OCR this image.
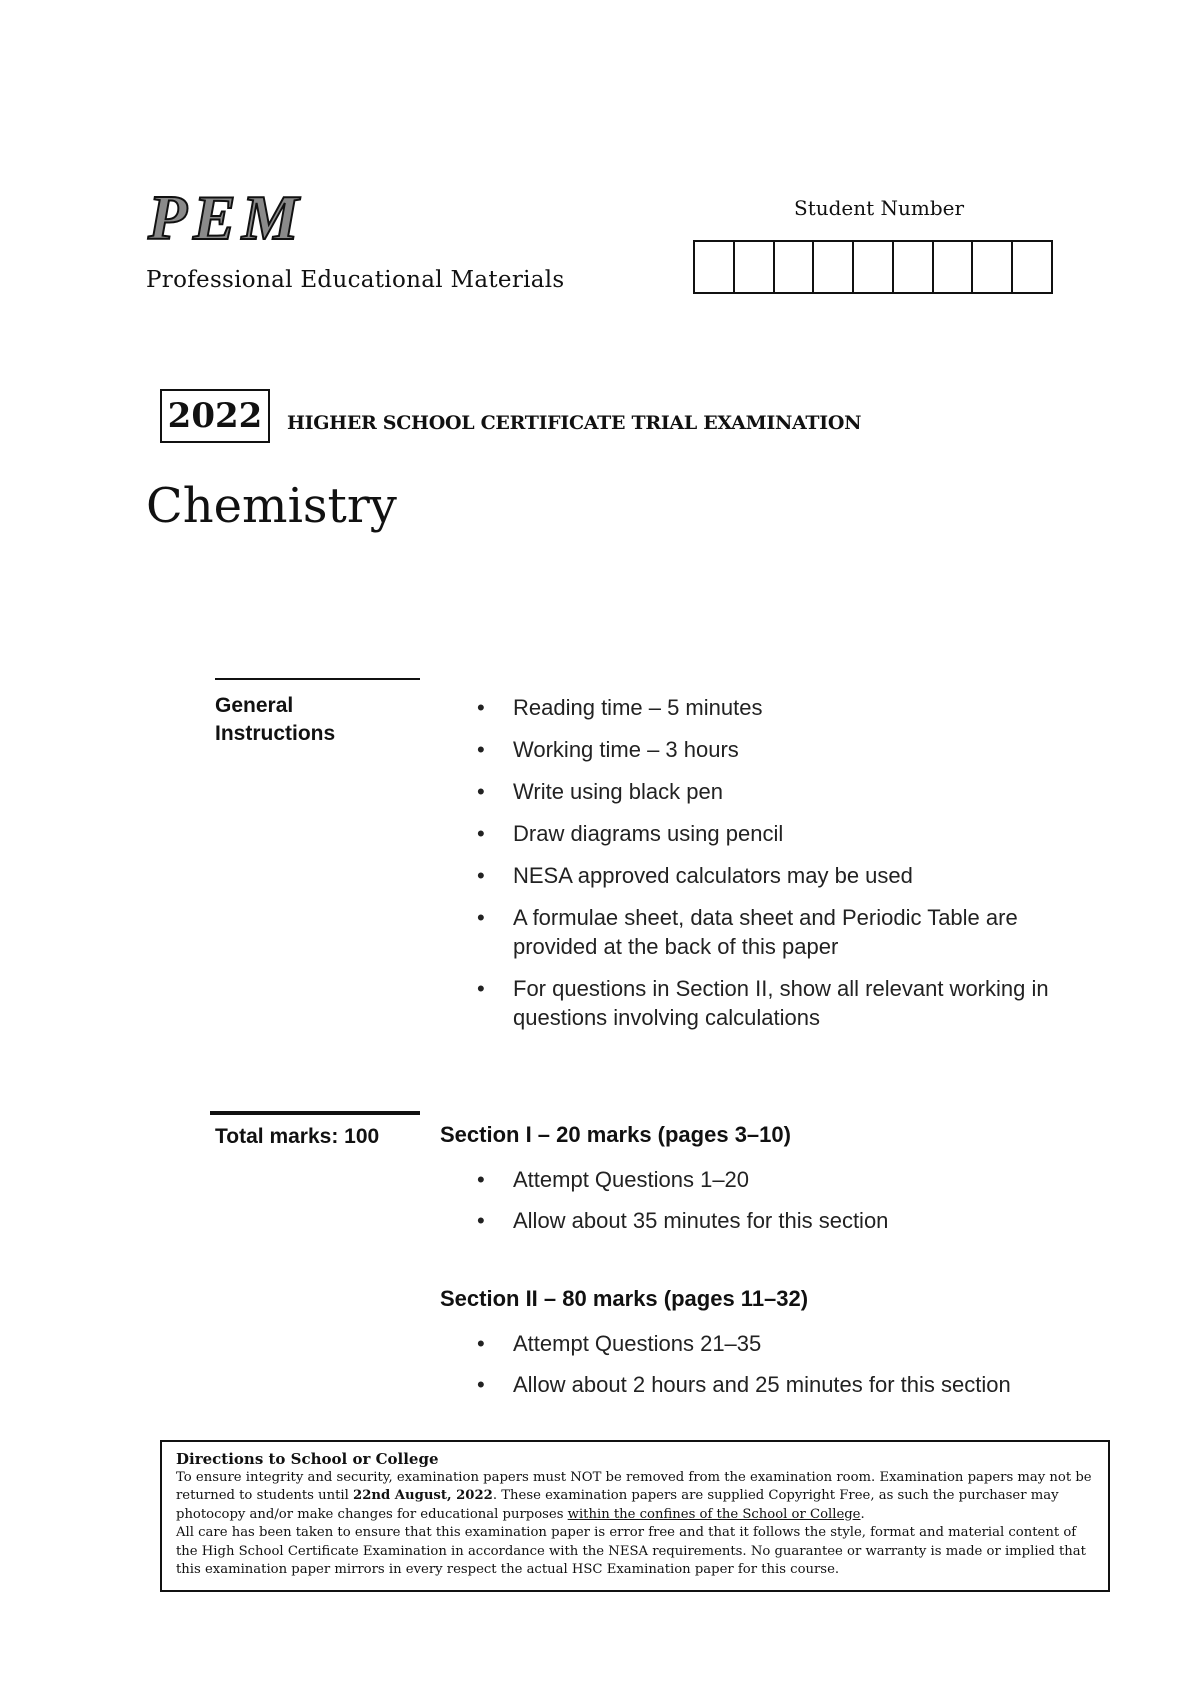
PEM
Professional Educational Materials
Student Number
2022	HIGHER SCHOOL CERTIFICATE TRIAL EXAMINATION
Chemistry
General
Instructions
• Reading time – 5 minutes
• Working time – 3 hours
• Write using black pen
• Draw diagrams using pencil
• NESA approved calculators may be used
• A formulae sheet, data sheet and Periodic Table are provided at the back of this paper
• For questions in Section II, show all relevant working in questions involving calculations
Total marks: 100	Section I – 20 marks (pages 3–10)
• Attempt Questions 1–20
• Allow about 35 minutes for this section
Section II – 80 marks (pages 11–32)
• Attempt Questions 21–35
• Allow about 2 hours and 25 minutes for this section
Directions to School or College
To ensure integrity and security, examination papers must NOT be removed from the examination room. Examination papers may not be returned to students until 22nd August, 2022. These examination papers are supplied Copyright Free, as such the purchaser may photocopy and/or make changes for educational purposes within the confines of the School or College.
All care has been taken to ensure that this examination paper is error free and that it follows the style, format and material content of the High School Certificate Examination in accordance with the NESA requirements. No guarantee or warranty is made or implied that this examination paper mirrors in every respect the actual HSC Examination paper for this course.
